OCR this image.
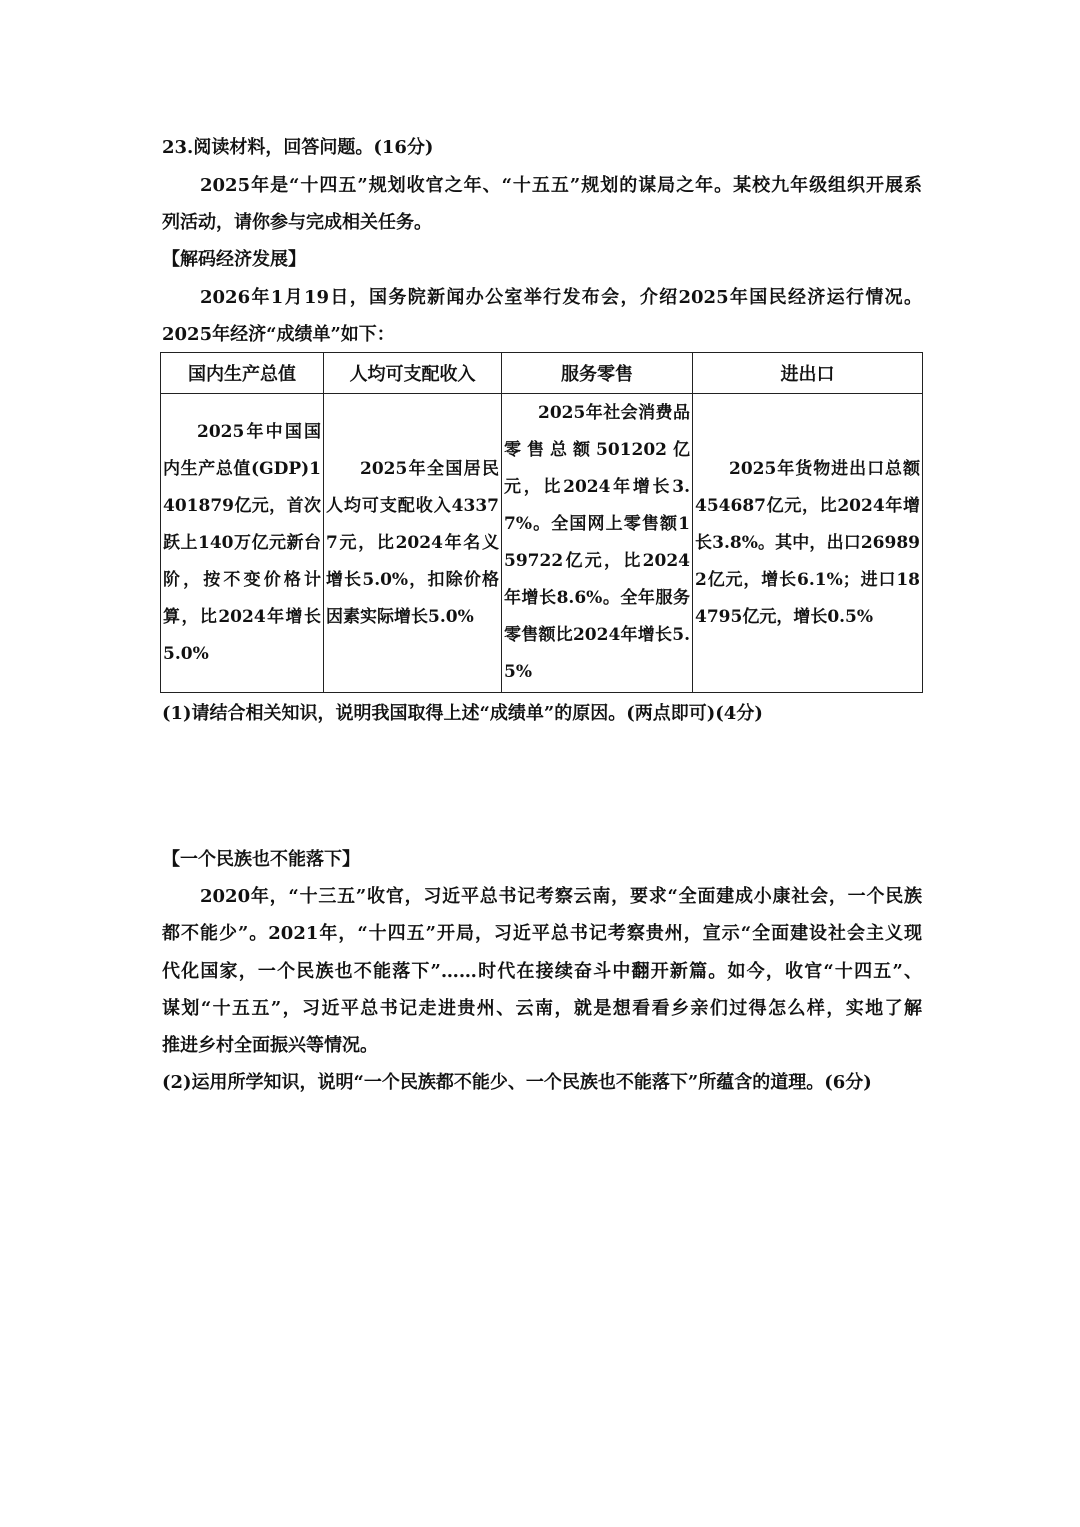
23.阅读材料，回答问题。(16分)
2025年是“十四五”规划收官之年、“十五五”规划的谋局之年。某校九年级组织开展系
列活动，请你参与完成相关任务。
【解码经济发展】
2026年1月19日，国务院新闻办公室举行发布会，介绍2025年国民经济运行情况。
2025年经济“成绩单”如下：
国内生产总值	人均可支配收入	服务零售	进出口

2025年中国国内生产总值(GDP)1401879亿元，首次跃上140万亿元新台阶，按不变价格计算，比2024年增长5.0%	2025年全国居民人均可支配收入43377元，比2024年名义增长5.0%，扣除价格因素实际增长5.0%	2025年社会消费品零售总额501202亿元，比2024年增长3.7%。全国网上零售额159722亿元，比2024年增长8.6%。全年服务零售额比2024年增长5.5%	2025年货物进出口总额454687亿元，比2024年增长3.8%。其中，出口269892亿元，增长6.1%；进口184795亿元，增长0.5%

(1)请结合相关知识，说明我国取得上述“成绩单”的原因。(两点即可)(4分)
【一个民族也不能落下】
2020年，“十三五”收官，习近平总书记考察云南，要求“全面建成小康社会，一个民族
都不能少”。2021年，“十四五”开局，习近平总书记考察贵州，宣示“全面建设社会主义现
代化国家，一个民族也不能落下”……时代在接续奋斗中翻开新篇。如今，收官“十四五”、
谋划“十五五”，习近平总书记走进贵州、云南，就是想看看乡亲们过得怎么样，实地了解
推进乡村全面振兴等情况。
(2)运用所学知识，说明“一个民族都不能少、一个民族也不能落下”所蕴含的道理。(6分)
